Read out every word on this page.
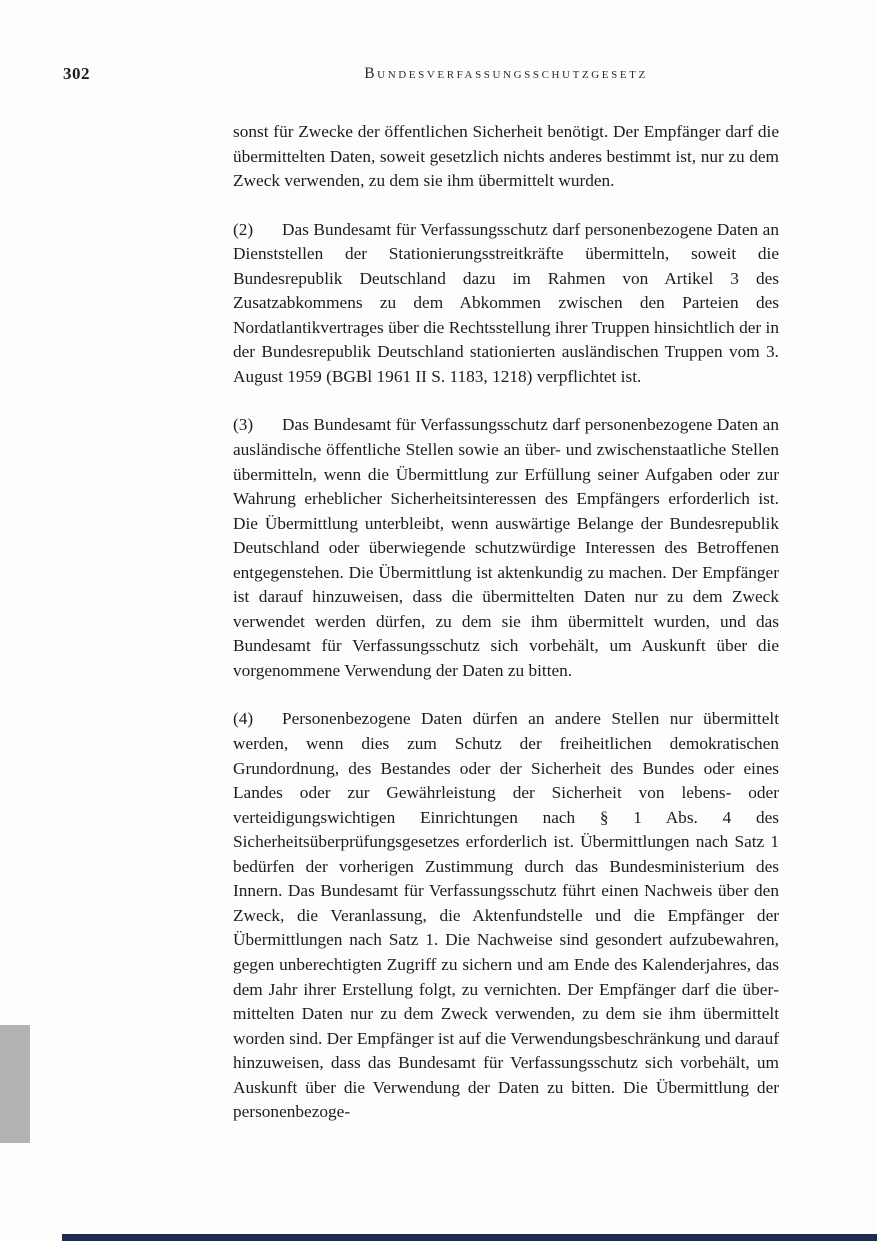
302	Bundesverfassungsschutzgesetz

sonst für Zwecke der öffentlichen Sicherheit benötigt. Der Empfänger darf die übermittelten Daten, soweit gesetzlich nichts anderes bestimmt ist, nur zu dem Zweck verwenden, zu dem sie ihm übermittelt wurden.

(2) Das Bundesamt für Verfassungsschutz darf personenbezogene Daten an Dienststellen der Stationierungsstreitkräfte übermitteln, soweit die Bundesrepublik Deutschland dazu im Rahmen von Artikel 3 des Zusatzabkommens zu dem Abkommen zwischen den Parteien des Nordatlantikvertrages über die Rechtsstellung ihrer Truppen hinsichtlich der in der Bundesrepublik Deutschland stationierten ausländischen Truppen vom 3. August 1959 (BGBl 1961 II S. 1183, 1218) verpflichtet ist.

(3) Das Bundesamt für Verfassungsschutz darf personenbezogene Daten an ausländische öffentliche Stellen sowie an über- und zwischenstaatliche Stellen übermitteln, wenn die Übermittlung zur Erfüllung seiner Aufgaben oder zur Wahrung erheblicher Sicherheitsinteressen des Empfängers erforderlich ist. Die Übermittlung unterbleibt, wenn auswärtige Belange der Bundesrepublik Deutschland oder überwiegende schutzwürdige Interessen des Betroffenen entgegenstehen. Die Übermittlung ist aktenkundig zu machen. Der Empfänger ist darauf hinzuweisen, dass die übermittelten Daten nur zu dem Zweck verwendet werden dürfen, zu dem sie ihm übermittelt wurden, und das Bundesamt für Verfassungsschutz sich vorbehält, um Auskunft über die vorgenommene Verwendung der Daten zu bitten.

(4) Personenbezogene Daten dürfen an andere Stellen nur übermittelt werden, wenn dies zum Schutz der freiheitlichen demokratischen Grundordnung, des Bestandes oder der Sicherheit des Bundes oder eines Landes oder zur Gewährleistung der Sicherheit von lebens- oder verteidigungswichtigen Einrichtungen nach § 1 Abs. 4 des Sicherheitsüberprüfungsgesetzes erforderlich ist. Übermittlungen nach Satz 1 bedürfen der vorherigen Zustimmung durch das Bundesministerium des Innern. Das Bundesamt für Verfassungsschutz führt einen Nachweis über den Zweck, die Veranlassung, die Aktenfundstelle und die Empfänger der Übermittlungen nach Satz 1. Die Nachweise sind gesondert aufzubewahren, gegen unberechtigten Zugriff zu sichern und am Ende des Kalenderjahres, das dem Jahr ihrer Erstellung folgt, zu vernichten. Der Empfänger darf die übermittelten Daten nur zu dem Zweck verwenden, zu dem sie ihm übermittelt worden sind. Der Empfänger ist auf die Verwendungsbeschränkung und darauf hinzuweisen, dass das Bundesamt für Verfassungsschutz sich vorbehält, um Auskunft über die Verwendung der Daten zu bitten. Die Übermittlung der personenbezoge-
